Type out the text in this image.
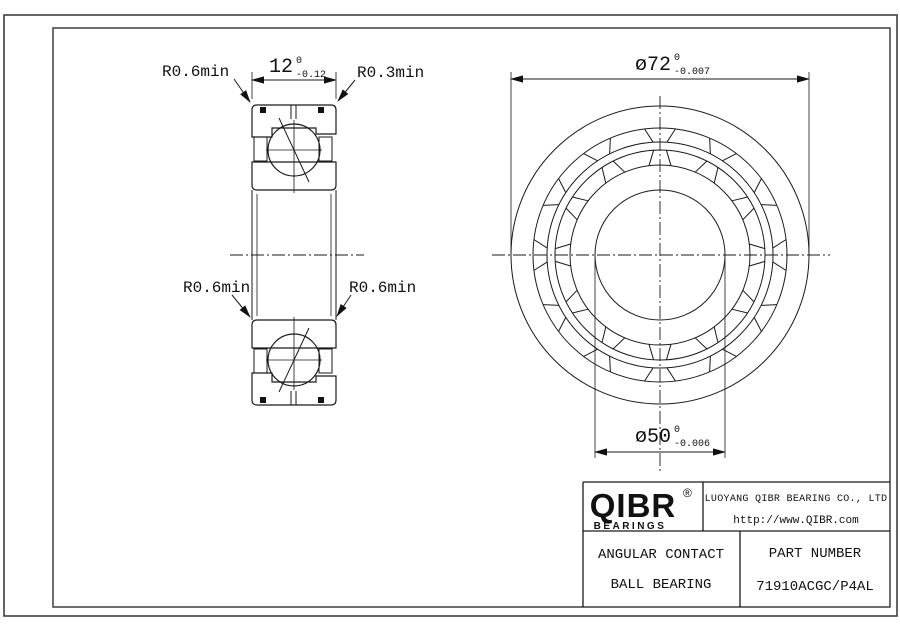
12 0
-0.12
R0.6min	R0.3min
R0.6min	R0.6min
ø72 0
-0.007
ø50 0
-0.006
QIBR ®
BEARINGS
LUOYANG QIBR BEARING CO., LTD
http://www.QIBR.com
ANGULAR CONTACT
BALL BEARING
PART NUMBER
71910ACGC/P4AL
